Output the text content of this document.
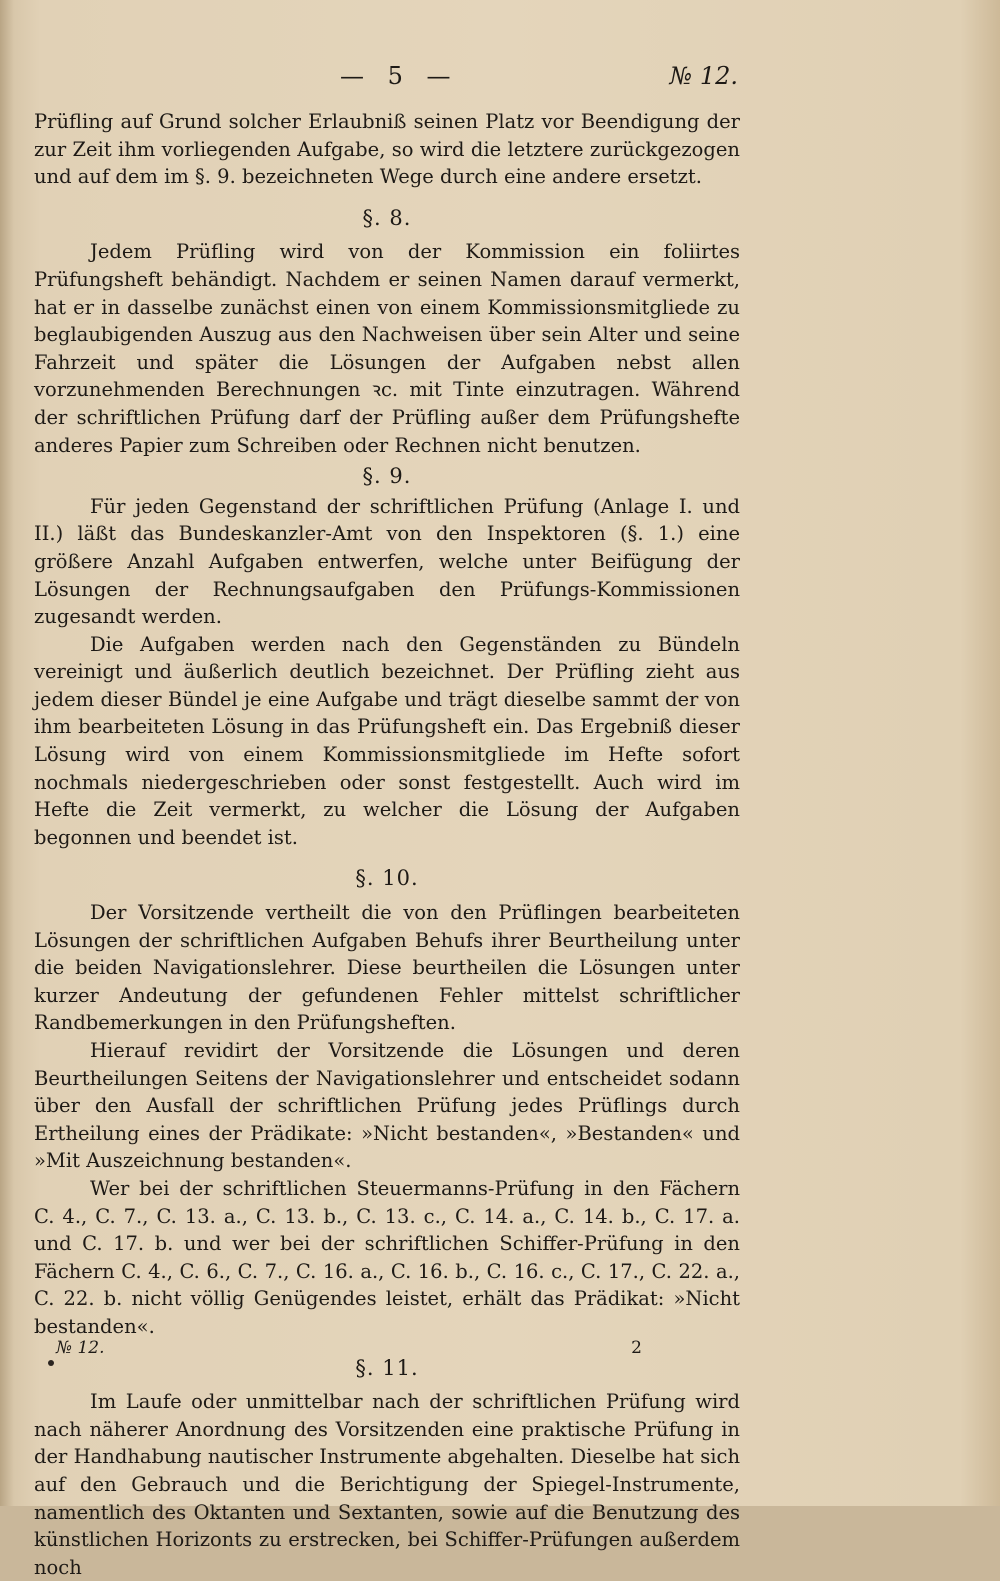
— 5 —	№ 12.

Prüfling auf Grund solcher Erlaubniß seinen Platz vor Beendigung der zur Zeit ihm vorliegenden Aufgabe, so wird die letztere zurückgezogen und auf dem im §. 9. bezeichneten Wege durch eine andere ersetzt.

§. 8.

Jedem Prüfling wird von der Kommission ein foliirtes Prüfungsheft behändigt. Nachdem er seinen Namen darauf vermerkt, hat er in dasselbe zunächst einen von einem Kommissionsmitgliede zu beglaubigenden Auszug aus den Nachweisen über sein Alter und seine Fahrzeit und später die Lösungen der Aufgaben nebst allen vorzunehmenden Berechnungen ꝛc. mit Tinte einzutragen. Während der schriftlichen Prüfung darf der Prüfling außer dem Prüfungshefte anderes Papier zum Schreiben oder Rechnen nicht benutzen.

§. 9.

Für jeden Gegenstand der schriftlichen Prüfung (Anlage I. und II.) läßt das Bundeskanzler-Amt von den Inspektoren (§. 1.) eine größere Anzahl Aufgaben entwerfen, welche unter Beifügung der Lösungen der Rechnungsaufgaben den Prüfungs-Kommissionen zugesandt werden.

Die Aufgaben werden nach den Gegenständen zu Bündeln vereinigt und äußerlich deutlich bezeichnet. Der Prüfling zieht aus jedem dieser Bündel je eine Aufgabe und trägt dieselbe sammt der von ihm bearbeiteten Lösung in das Prüfungsheft ein. Das Ergebniß dieser Lösung wird von einem Kommissionsmitgliede im Hefte sofort nochmals niedergeschrieben oder sonst festgestellt. Auch wird im Hefte die Zeit vermerkt, zu welcher die Lösung der Aufgaben begonnen und beendet ist.

§. 10.

Der Vorsitzende vertheilt die von den Prüflingen bearbeiteten Lösungen der schriftlichen Aufgaben Behufs ihrer Beurtheilung unter die beiden Navigationslehrer. Diese beurtheilen die Lösungen unter kurzer Andeutung der gefundenen Fehler mittelst schriftlicher Randbemerkungen in den Prüfungsheften.

Hierauf revidirt der Vorsitzende die Lösungen und deren Beurtheilungen Seitens der Navigationslehrer und entscheidet sodann über den Ausfall der schriftlichen Prüfung jedes Prüflings durch Ertheilung eines der Prädikate: »Nicht bestanden«, »Bestanden« und »Mit Auszeichnung bestanden«.

Wer bei der schriftlichen Steuermanns-Prüfung in den Fächern C. 4., C. 7., C. 13. a., C. 13. b., C. 13. c., C. 14. a., C. 14. b., C. 17. a. und C. 17. b. und wer bei der schriftlichen Schiffer-Prüfung in den Fächern C. 4., C. 6., C. 7., C. 16. a., C. 16. b., C. 16. c., C. 17., C. 22. a., C. 22. b. nicht völlig Genügendes leistet, erhält das Prädikat: »Nicht bestanden«.

§. 11.

Im Laufe oder unmittelbar nach der schriftlichen Prüfung wird nach näherer Anordnung des Vorsitzenden eine praktische Prüfung in der Handhabung nautischer Instrumente abgehalten. Dieselbe hat sich auf den Gebrauch und die Berichtigung der Spiegel-Instrumente, namentlich des Oktanten und Sextanten, sowie auf die Benutzung des künstlichen Horizonts zu erstrecken, bei Schiffer-Prüfungen außerdem noch

№ 12.	2
